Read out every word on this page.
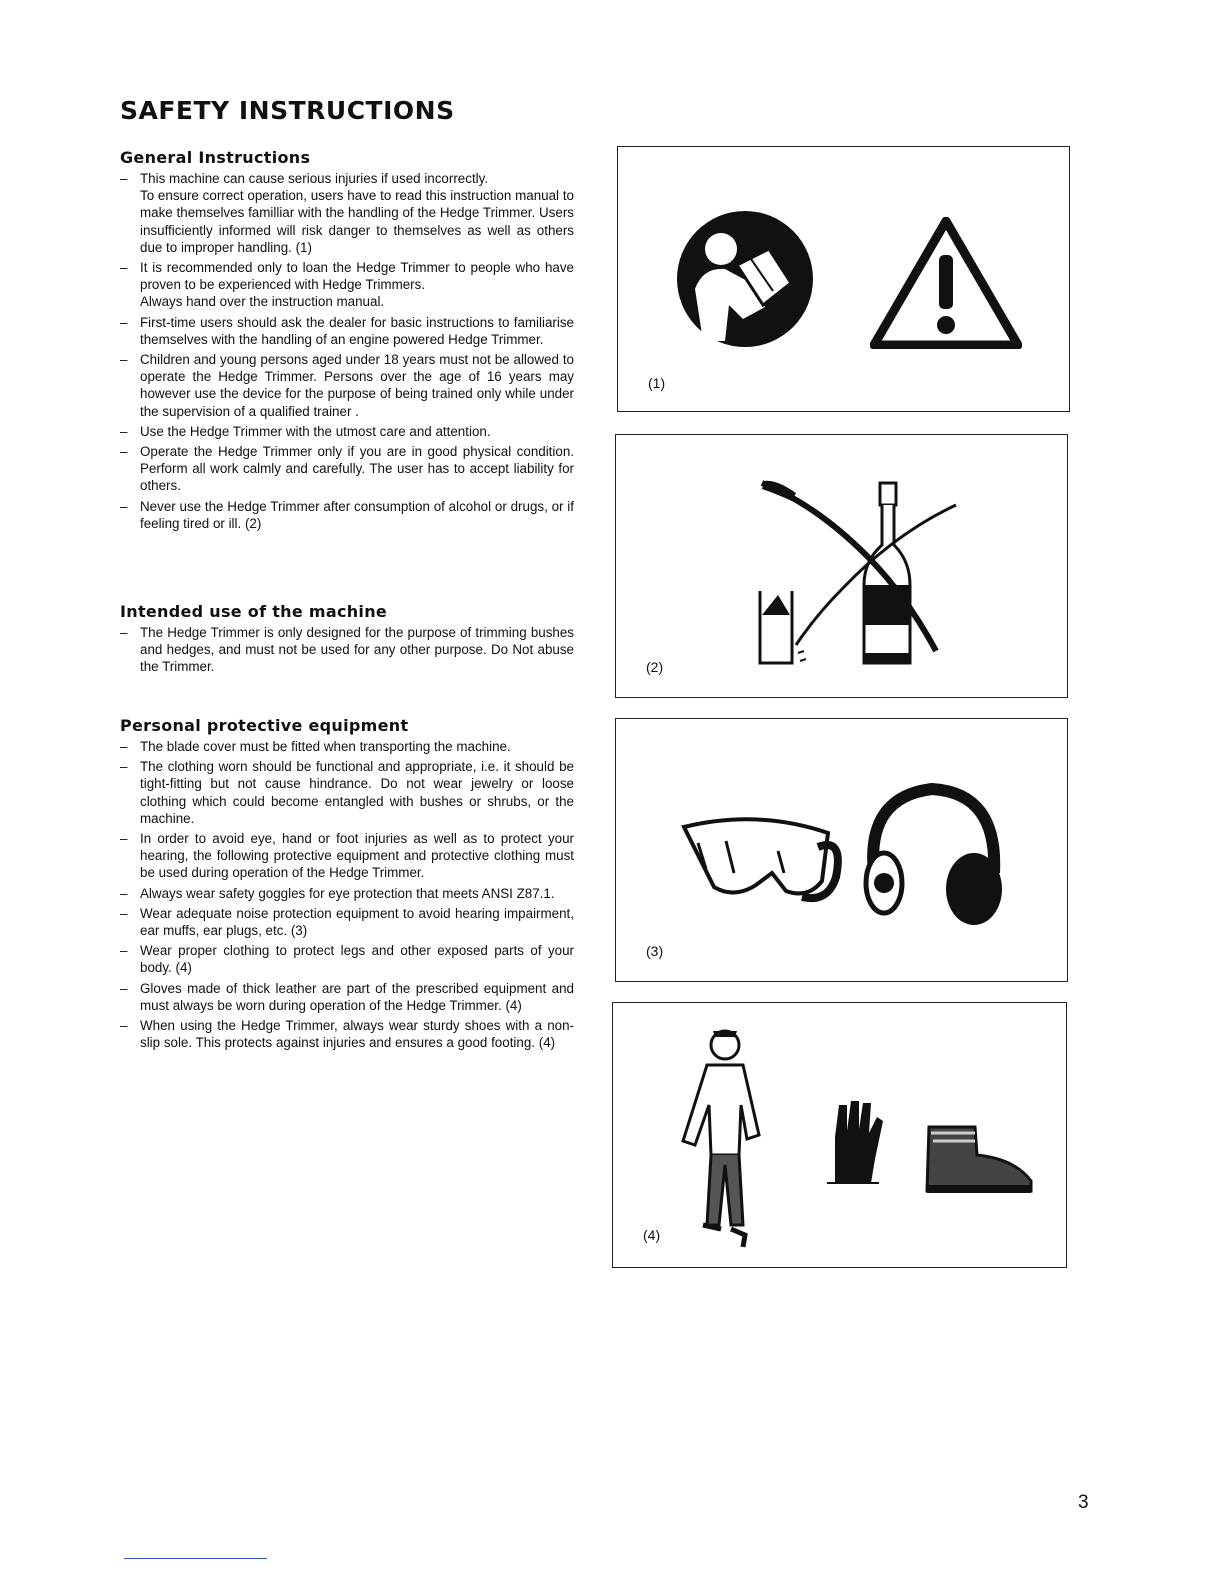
SAFETY INSTRUCTIONS
General Instructions
– This machine can cause serious injuries if used incorrectly.
To ensure correct operation, users have to read this instruction manual to make themselves familliar with the handling of the Hedge Trimmer. Users insufficiently informed will risk danger to themselves as well as others due to improper handling. (1)
– It is recommended only to loan the Hedge Trimmer to people who have proven to be experienced with Hedge Trimmers.
Always hand over the instruction manual.
– First-time users should ask the dealer for basic instructions to familiarise themselves with the handling of an engine powered Hedge Trimmer.
– Children and young persons aged under 18 years must not be allowed to operate the Hedge Trimmer. Persons over the age of 16 years may however use the device for the purpose of being trained only while under the supervision of a qualified trainer .
– Use the Hedge Trimmer with the utmost care and attention.
– Operate the Hedge Trimmer only if you are in good physical condition. Perform all work calmly and carefully. The user has to accept liability for others.
– Never use the Hedge Trimmer after consumption of alcohol or drugs, or if feeling tired or ill. (2)
Intended use of the machine
– The Hedge Trimmer is only designed for the purpose of trimming bushes and hedges, and must not be used for any other purpose. Do Not abuse the Trimmer.
Personal protective equipment
– The blade cover must be fitted when transporting the machine.
– The clothing worn should be functional and appropriate, i.e. it should be tight-fitting but not cause hindrance. Do not wear jewelry or loose clothing which could become entangled with bushes or shrubs, or the machine.
– In order to avoid eye, hand or foot injuries as well as to protect your hearing, the following protective equipment and protective clothing must be used during operation of the Hedge Trimmer.
– Always wear safety goggles for eye protection that meets ANSI Z87.1.
– Wear adequate noise protection equipment to avoid hearing impairment, ear muffs, ear plugs, etc. (3)
– Wear proper clothing to protect legs and other exposed parts of your body. (4)
– Gloves made of thick leather are part of the prescribed equipment and must always be worn during operation of the Hedge Trimmer. (4)
– When using the Hedge Trimmer, always wear sturdy shoes with a non-slip sole. This protects against injuries and ensures a good footing. (4)
(1)
(2)
(3)
(4)
3
